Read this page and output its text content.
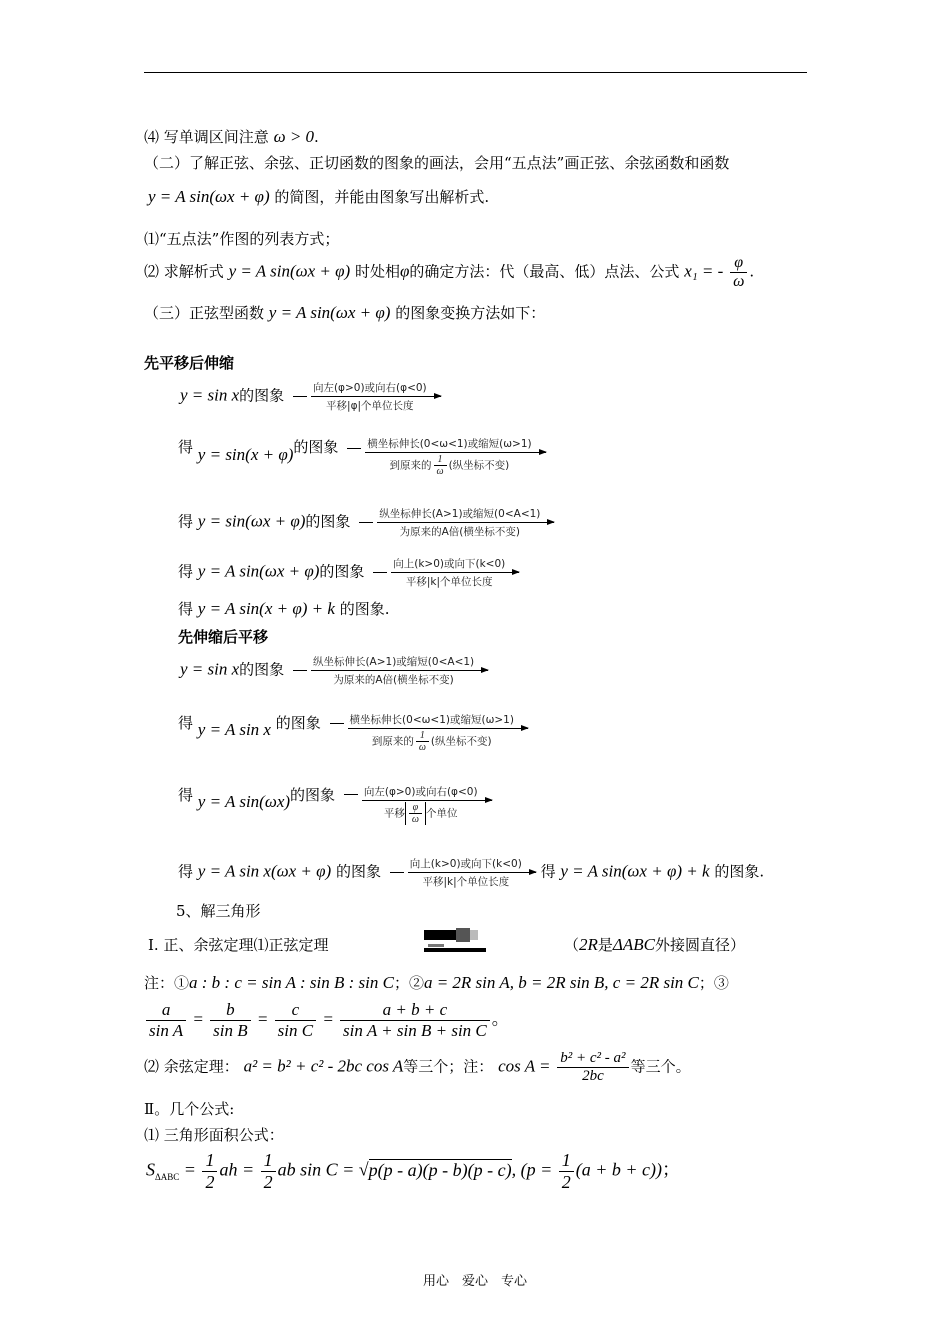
⑷ 写单调区间注意 ω > 0.
（二）了解正弦、余弦、正切函数的图象的画法，会用“五点法”画正弦、余弦函数和函数
y = A sin(ωx + φ) 的简图，并能由图象写出解析式.
⑴“五点法”作图的列表方式；
⑵ 求解析式 y = A sin(ωx + φ) 时处相φ的确定方法：代（最高、低）点法、公式 x₁ = - $\frac{\varphi}{\omega}$ .
（三）正弦型函数 y = A sin(ωx + φ) 的图象变换方法如下：
先平移后伸缩
y = sin x的图象	向左(φ>0)或向右(φ<0)
平移|φ|个单位长度
得 y = sin(x + φ)的图象	横坐标伸长(0<ω<1)或缩短(ω>1)
到原来的 $\frac{1}{\omega}$ (纵坐标不变)
得 y = sin(ωx + φ)的图象	纵坐标伸长(A>1)或缩短(0<A<1)
为原来的A倍(横坐标不变)
得 y = A sin(ωx + φ)的图象	向上(k>0)或向下(k<0)
平移|k|个单位长度
得 y = A sin(x + φ) + k 的图象.
先伸缩后平移
y = sin x的图象	纵坐标伸长(A>1)或缩短(0<A<1)
为原来的A倍(横坐标不变)
得 y = A sin x 的图象	横坐标伸长(0<ω<1)或缩短(ω>1)
到原来的 $\frac{1}{\omega}$ (纵坐标不变)
得 y = A sin(ωx)的图象	向左(φ>0)或向右(φ<0)
平移 $\frac{\varphi}{\omega}$ 个单位
得 y = A sin x(ωx + φ) 的图象	向上(k>0)或向下(k<0)
平移|k|个单位长度
得 y = A sin(ωx + φ) + k 的图象.
5、解三角形
Ⅰ. 正、余弦定理⑴正弦定理	（2R是ΔABC外接圆直径）
注：①a : b : c = sin A : sin B : sin C；②a = 2R sin A, b = 2R sin B, c = 2R sin C；③
$\frac{a}{\text{sin A}} = \frac{b}{\text{sin B}} = \frac{c}{\text{sin C}} = \frac{a + b + c}{\text{sin A + sin B + sin C}}$ 。
⑵ 余弦定理： a² = b² + c² - 2bc cos A等三个；注： $\cos A = \frac{\text{b² + c² - a²}}{2bc}$ 等三个。
Ⅱ。几个公式:
⑴ 三角形面积公式：
$S_{\Delta ABC} = \frac{1}{2}$ ah = $\frac{1}{2}$ ab sin C = √p(p - a)(p - b)(p - c), $(p = \frac{1}{2} (a + b + c))$；
用心　爱心　专心
